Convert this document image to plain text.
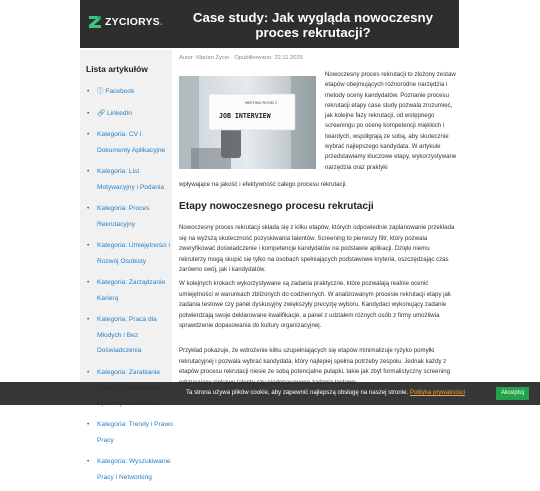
ZYCIORYS.	Case study: Jak wygląda nowoczesny proces rekrutacji?
Lista artykułów
• ⓕ Facebook
• 🔗 LinkedIn
• Kategoria: CV i Dokumenty Aplikacyjne
• Kategoria: List Motywacyjny i Podania
• Kategoria: Proces Rekrutacyjny
• Kategoria: Umiejętności i Rozwój Osobisty
• Kategoria: Zarządzanie Karierą
• Kategoria: Praca dla Młodych i Bez Doświadczenia
• Kategoria: Zarabianie
• Kategoria: Trendy i Prawo Pracy
• Kategoria: Wyszukiwanie Pracy i Networking

Autor: Marian Życie · Opublikowano: 22.11.2025

MEETING ROOM 1
JOB INTERVIEW

Nowoczesny proces rekrutacji to złożony zestaw etapów obejmujących różnorodne narzędzia i metody oceny kandydatów. Poznanie procesu rekrutacji etapy case study pozwala zrozumieć, jak kolejne fazy rekrutacji, od wstępnego screeningu po ocenę kompetencji miękkich i twardych, współgrają ze sobą, aby skutecznie wybrać najlepszego kandydata. W artykule przedstawiamy kluczowe etapy, wykorzystywane narzędzia oraz praktyki

wpływające na jakość i efektywność całego procesu rekrutacji.

Etapy nowoczesnego procesu rekrutacji

Nowoczesny proces rekrutacji składa się z kilku etapów, których odpowiednie zaplanowanie przekłada się na wyższą skuteczność pozyskiwania talentów. Screening to pierwszy filtr, który pozwala zweryfikować doświadczenie i kompetencje kandydatów na podstawie aplikacji. Dzięki niemu rekruterzy mogą skupić się tylko na osobach spełniających podstawowe kryteria, oszczędzając czas zarówno swój, jak i kandydatów.

W kolejnych krokach wykorzystywane są zadania praktyczne, które pozwalają realnie ocenić umiejętności w warunkach zbliżonych do codziennych. W analizowanym procesie rekrutacji etapy jak zadania testowe czy panel dyskusyjny zwiększyły precyzję wyboru. Kandydaci wykonujący zadanie potwierdzają swoje deklarowane kwalifikacje, a panel z udziałem różnych osób z firmy umożliwia sprawdzenie dopasowania do kultury organizacyjnej.

Przykład pokazuje, że wdrożenie kilku uzupełniających się etapów minimalizuje ryzyko pomyłki rekrutacyjnej i pozwala wybrać kandydata, który najlepiej spełnia potrzeby zespołu. Jednak każdy z etapów procesu rekrutacji niesie ze sobą potencjalne pułapki, takie jak zbyt formalistyczny screening

Ta strona używa plików cookie, aby zapewnić najlepszą obsługę na naszej stronie. Polityka prywatności	Akceptuj
